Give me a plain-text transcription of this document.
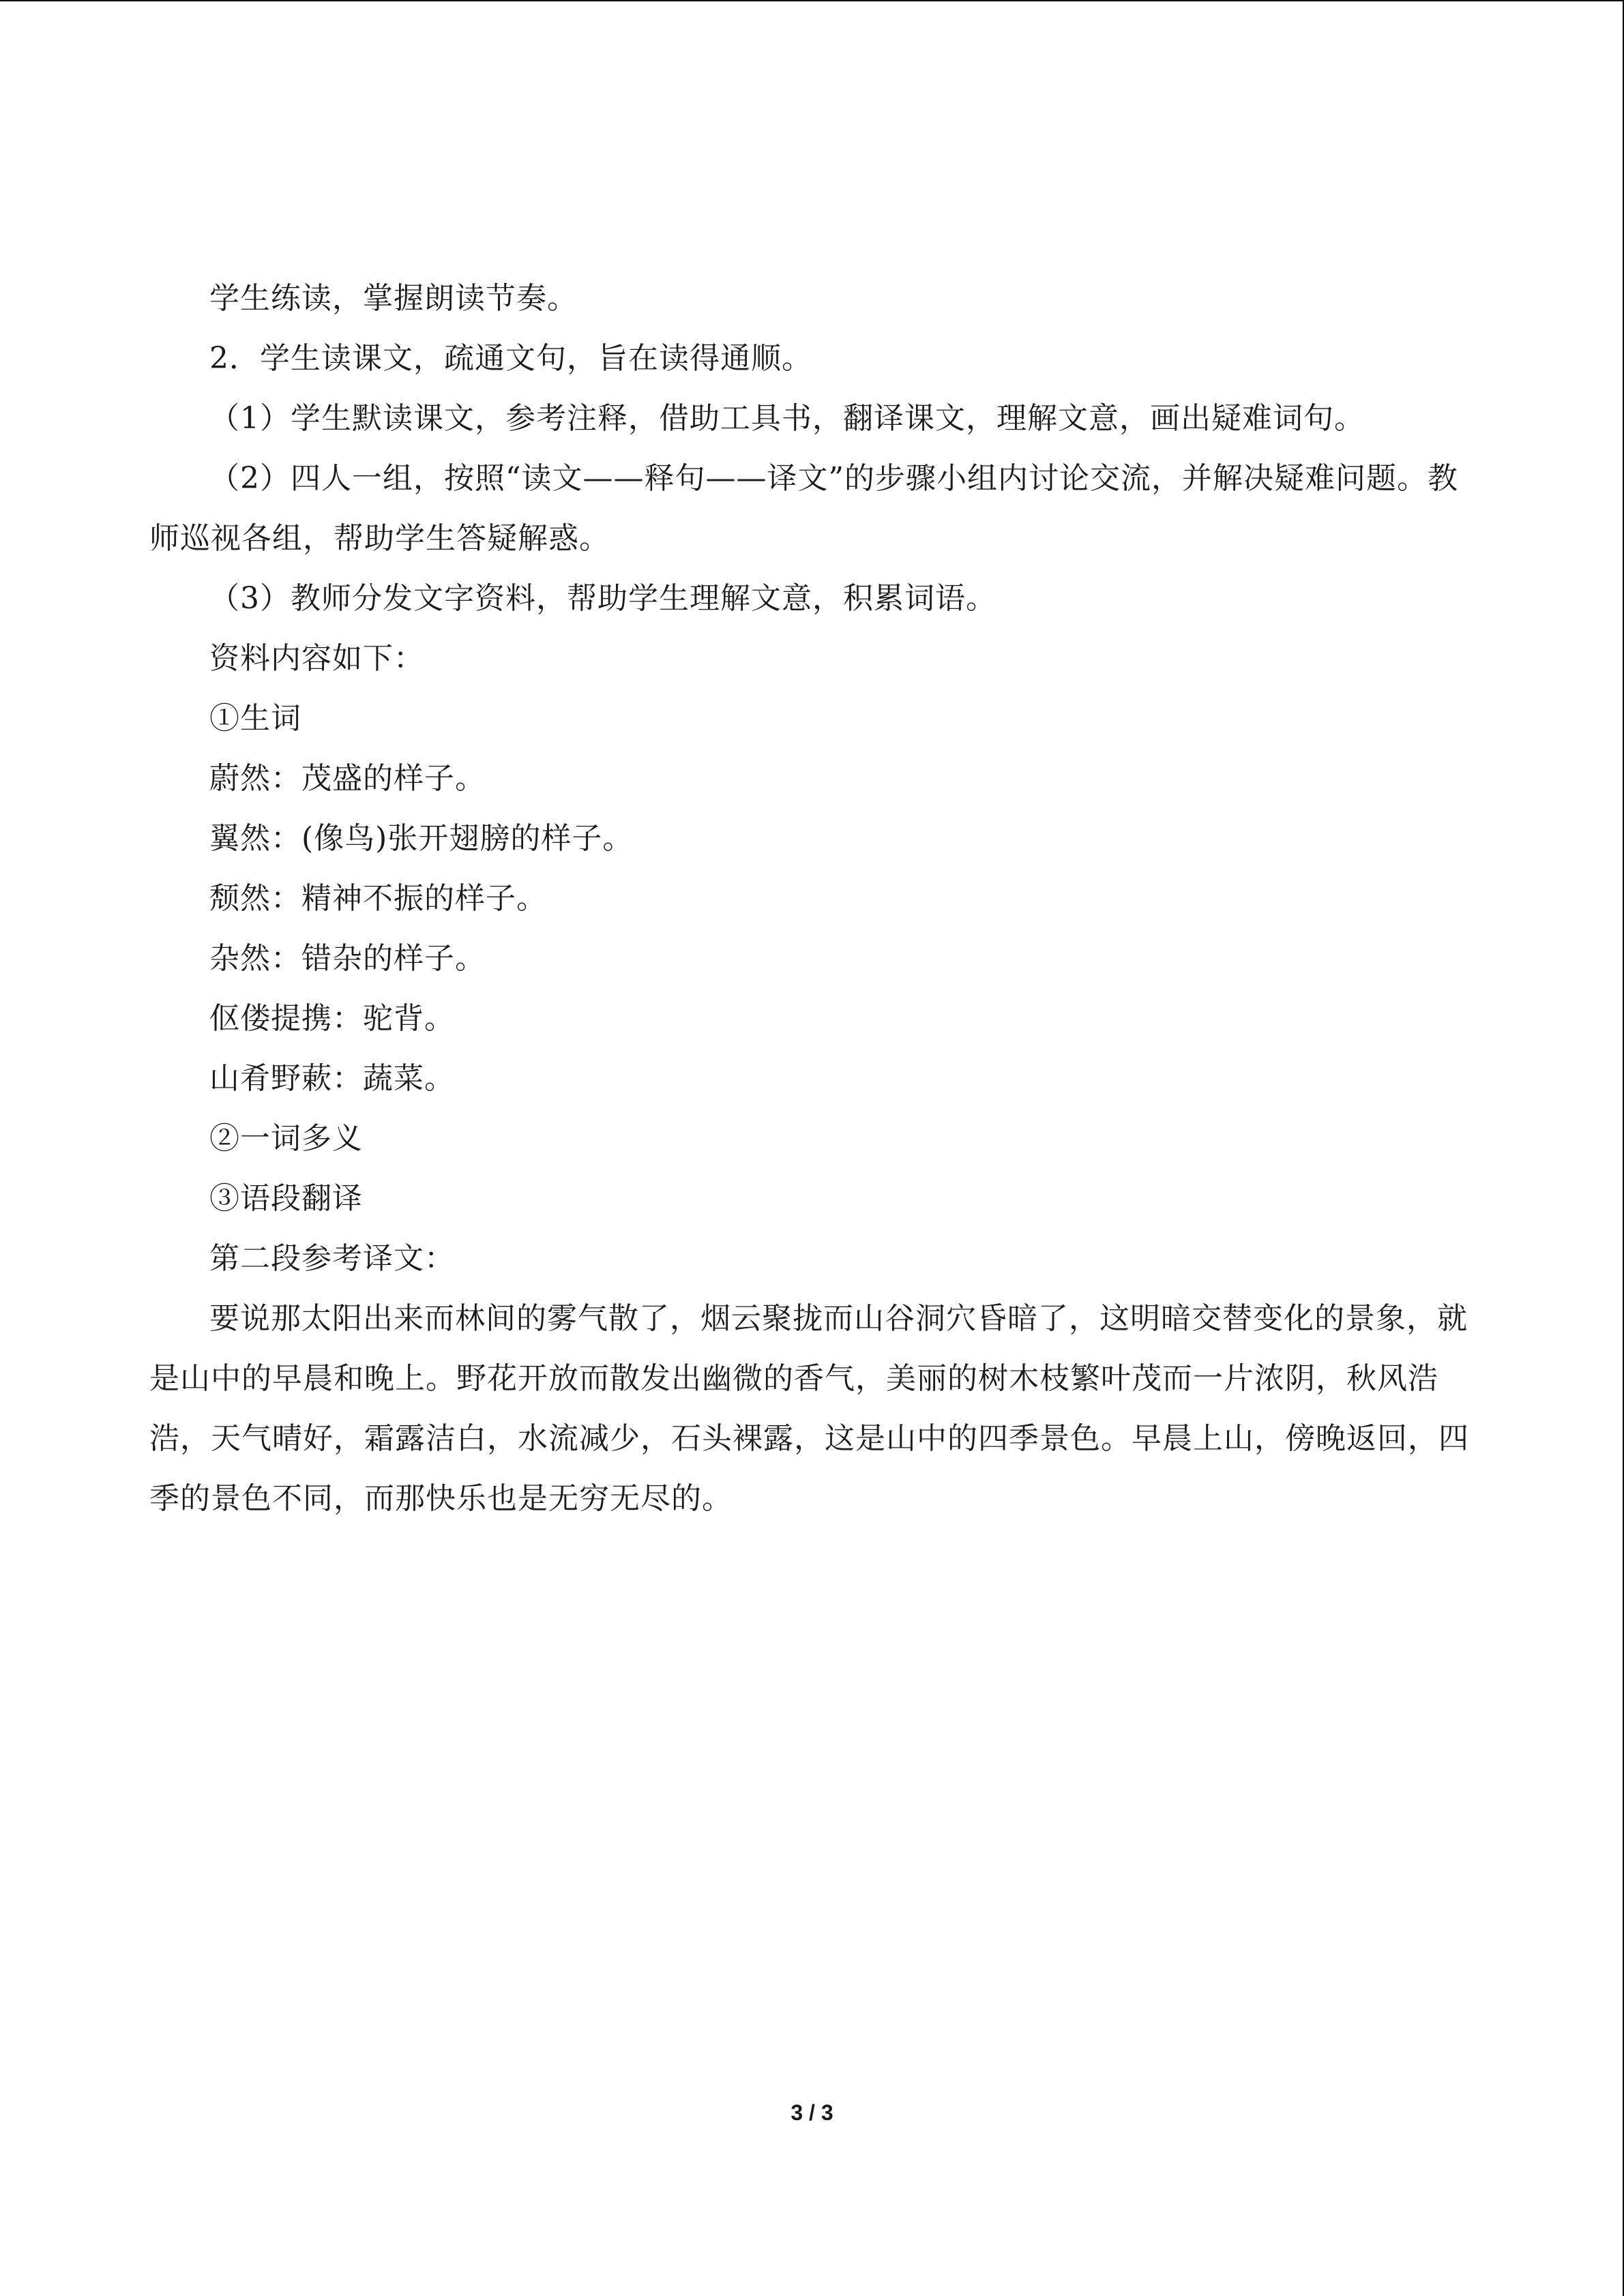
学生练读，掌握朗读节奏。

2．学生读课文，疏通文句，旨在读得通顺。

（1）学生默读课文，参考注释，借助工具书，翻译课文，理解文意，画出疑难词句。

（2）四人一组，按照“读文——释句——译文”的步骤小组内讨论交流，并解决疑难问题。教师巡视各组，帮助学生答疑解惑。

（3）教师分发文字资料，帮助学生理解文意，积累词语。

资料内容如下：

①生词

蔚然：茂盛的样子。

翼然：(像鸟)张开翅膀的样子。

颓然：精神不振的样子。

杂然：错杂的样子。

伛偻提携：驼背。

山肴野蔌：蔬菜。

②一词多义

③语段翻译

第二段参考译文：

要说那太阳出来而林间的雾气散了，烟云聚拢而山谷洞穴昏暗了，这明暗交替变化的景象，就是山中的早晨和晚上。野花开放而散发出幽微的香气，美丽的树木枝繁叶茂而一片浓阴，秋风浩浩，天气晴好，霜露洁白，水流减少，石头裸露，这是山中的四季景色。早晨上山，傍晚返回，四季的景色不同，而那快乐也是无穷无尽的。

3 / 3
